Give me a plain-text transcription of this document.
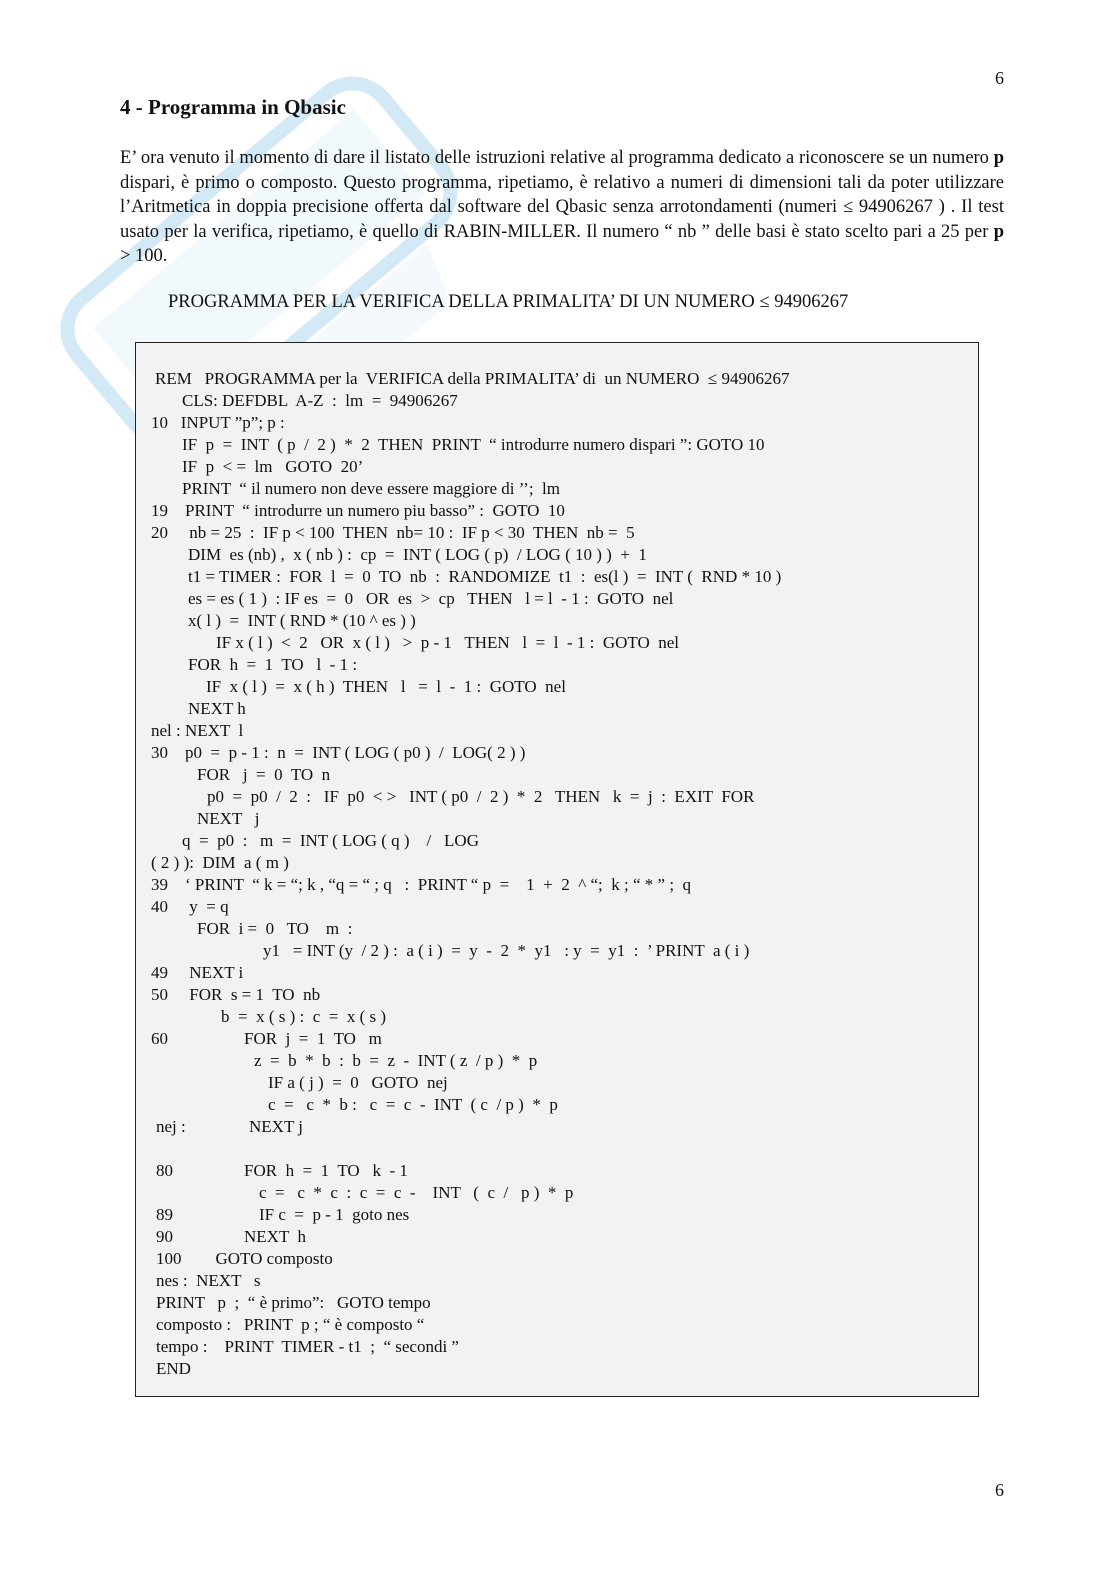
6
4 - Programma in Qbasic

E’ ora venuto il momento di dare il listato delle istruzioni relative al programma dedicato a riconoscere se un numero p dispari, è primo o composto. Questo programma, ripetiamo, è relativo a numeri di dimensioni tali da poter utilizzare l’Aritmetica in doppia precisione offerta dal software del Qbasic senza arrotondamenti (numeri ≤ 94906267 ) . Il test usato per la verifica, ripetiamo, è quello di RABIN-MILLER. Il numero “ nb ” delle basi è stato scelto pari a 25 per p > 100.

PROGRAMMA PER LA VERIFICA DELLA PRIMALITA’ DI UN NUMERO ≤ 94906267

REM   PROGRAMMA per la  VERIFICA della PRIMALITA’ di  un NUMERO  ≤ 94906267
CLS: DEFDBL  A-Z  :  lm  =  94906267
10   INPUT ”p”; p :
IF  p  =  INT  ( p  /  2 )  *  2  THEN  PRINT  “ introdurre numero dispari ”: GOTO 10
IF  p  < =  lm   GOTO  20’
PRINT  “ il numero non deve essere maggiore di ’’;  lm
19    PRINT  “ introdurre un numero piu basso” :  GOTO  10
20     nb = 25  :  IF p < 100  THEN  nb= 10 :  IF p < 30  THEN  nb =  5
DIM  es (nb) ,  x ( nb ) :  cp  =  INT ( LOG ( p)  / LOG ( 10 ) )  +  1
t1 = TIMER :  FOR  l  =  0  TO  nb  :  RANDOMIZE  t1  :  es(l )  =  INT (  RND * 10 )
es = es ( 1 )  : IF es  =  0   OR  es  >  cp   THEN   l = l  - 1 :  GOTO  nel
x( l )  =  INT ( RND * (10 ^ es ) )
IF x ( l )  <  2   OR  x ( l )   >  p - 1   THEN   l  =  l  - 1 :  GOTO  nel
FOR  h  =  1  TO   l  - 1 :
IF  x ( l )  =  x ( h )  THEN   l   =  l  -  1 :  GOTO  nel
NEXT h
nel : NEXT  l
30    p0  =  p - 1 :  n  =  INT ( LOG ( p0 )  /  LOG( 2 ) )
FOR   j  =  0  TO  n
p0  =  p0  /  2  :   IF  p0  < >   INT ( p0  /  2 )  *  2   THEN   k  =  j  :  EXIT  FOR
NEXT   j
q  =  p0  :   m  =  INT ( LOG ( q )    /   LOG
( 2 ) ):  DIM  a ( m )
39    ‘ PRINT  “ k = “; k , “q = “ ; q   :  PRINT “ p  =    1  +  2  ^ “;  k ; “ * ” ;  q
40     y  = q
FOR  i =  0   TO    m  :
y1   = INT (y  / 2 ) :  a ( i )  =  y  -  2  *  y1   : y  =  y1  :  ’ PRINT  a ( i )
49     NEXT i
50     FOR  s = 1  TO  nb
b  =  x ( s ) :  c  =  x ( s )
60	FOR  j  =  1  TO   m
z  =  b  *  b  :  b  =  z  -  INT ( z  / p )  *  p
IF a ( j )  =  0   GOTO  nej
c  =   c  *  b :   c  =  c  -  INT  ( c  / p )  *  p
nej :	NEXT j
80	FOR  h  =  1  TO   k  - 1
c  =   c  *  c  :  c  =  c  -    INT   (  c  /   p )  *  p
89	IF c  =  p - 1  goto nes
90	NEXT  h
100        GOTO composto
nes :  NEXT   s
PRINT   p  ;  “ è primo”:   GOTO tempo
composto :   PRINT  p ; “ è composto “
tempo :    PRINT  TIMER - t1  ;  “ secondi ”
END
6
